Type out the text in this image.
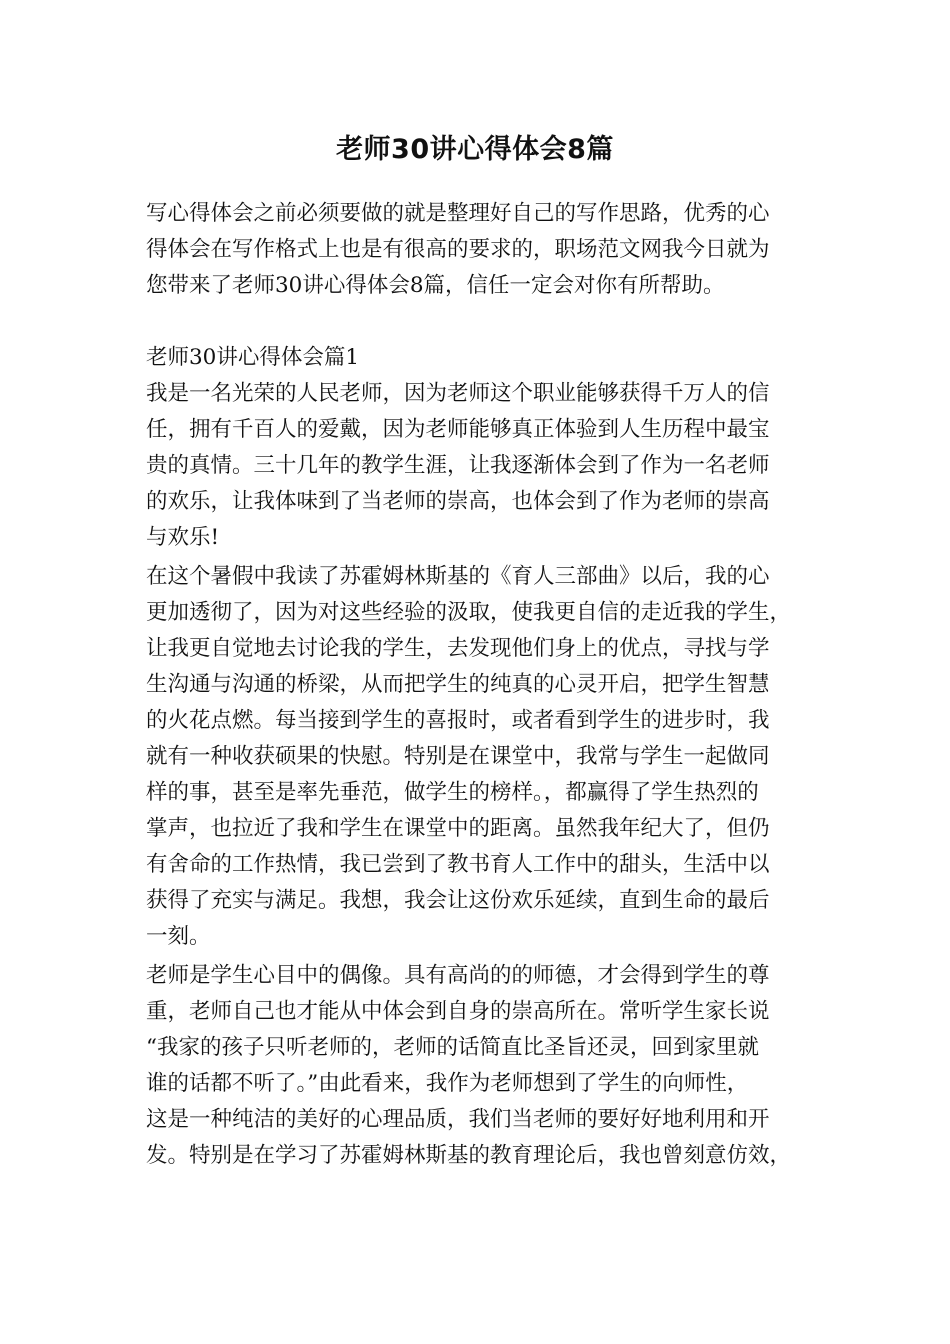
老师30讲心得体会8篇
写心得体会之前必须要做的就是整理好自己的写作思路，优秀的心
得体会在写作格式上也是有很高的要求的，职场范文网我今日就为
您带来了老师30讲心得体会8篇，信任一定会对你有所帮助。
老师30讲心得体会篇1
我是一名光荣的人民老师，因为老师这个职业能够获得千万人的信
任，拥有千百人的爱戴，因为老师能够真正体验到人生历程中最宝
贵的真情。三十几年的教学生涯，让我逐渐体会到了作为一名老师
的欢乐，让我体味到了当老师的崇高，也体会到了作为老师的崇高
与欢乐!
在这个暑假中我读了苏霍姆林斯基的《育人三部曲》以后，我的心
更加透彻了，因为对这些经验的汲取，使我更自信的走近我的学生，
让我更自觉地去讨论我的学生，去发现他们身上的优点，寻找与学
生沟通与沟通的桥梁，从而把学生的纯真的心灵开启，把学生智慧
的火花点燃。每当接到学生的喜报时，或者看到学生的进步时，我
就有一种收获硕果的快慰。特别是在课堂中，我常与学生一起做同
样的事，甚至是率先垂范，做学生的榜样。，都赢得了学生热烈的
掌声，也拉近了我和学生在课堂中的距离。虽然我年纪大了，但仍
有舍命的工作热情，我已尝到了教书育人工作中的甜头，生活中以
获得了充实与满足。我想，我会让这份欢乐延续，直到生命的最后
一刻。
老师是学生心目中的偶像。具有高尚的的师德，才会得到学生的尊
重，老师自己也才能从中体会到自身的崇高所在。常听学生家长说
“我家的孩子只听老师的，老师的话简直比圣旨还灵，回到家里就
谁的话都不听了。”由此看来，我作为老师想到了学生的向师性，
这是一种纯洁的美好的心理品质，我们当老师的要好好地利用和开
发。特别是在学习了苏霍姆林斯基的教育理论后，我也曾刻意仿效，
